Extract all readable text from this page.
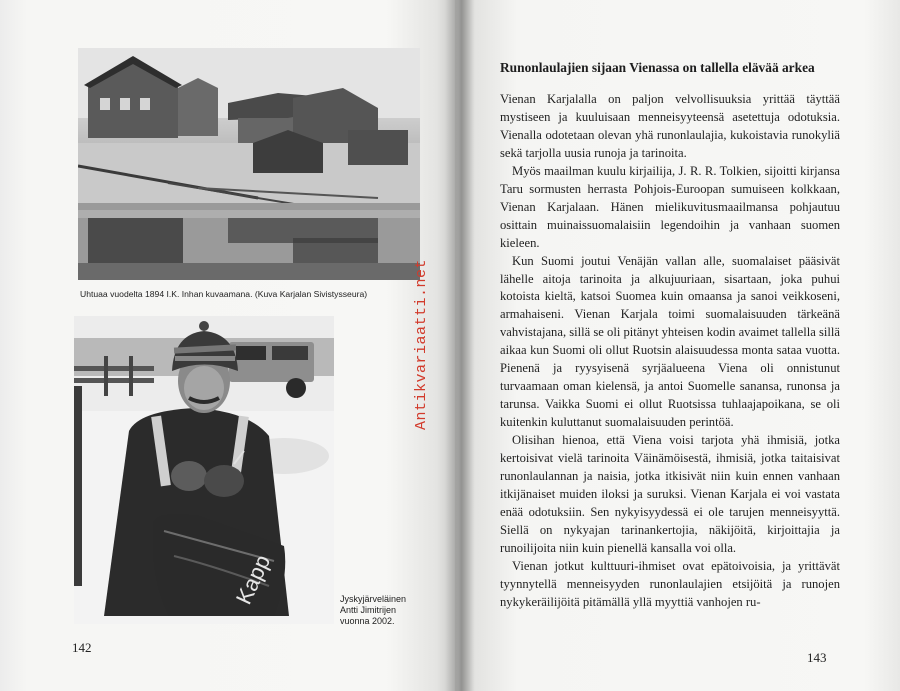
Uhtuaa vuodelta 1894 I.K. Inhan kuvaamana. (Kuva Karjalan Sivistysseura)
Kapp	Jyskyjärveläinen
Antti Jimitrijen
vuonna 2002.
Antikvariaatti.net
142
Runonlaulajien sijaan Vienassa on tallella elävää arkea

Vienan Karjalalla on paljon velvollisuuksia yrittää täyttää mystiseen ja kuuluisaan menneisyyteensä asetettuja odotuksia. Vienalla odotetaan olevan yhä runonlaulajia, kukoistavia runokyliä sekä tarjolla uusia runoja ja tarinoita.

Myös maailman kuulu kirjailija, J. R. R. Tolkien, sijoitti kirjansa Taru sormusten herrasta Pohjois-Euroopan sumuiseen kolkkaan, Vienan Karjalaan. Hänen mielikuvitusmaailmansa pohjautuu osittain muinaissuomalaisiin legendoihin ja vanhaan suomen kieleen.

Kun Suomi joutui Venäjän vallan alle, suomalaiset pääsivät lähelle aitoja tarinoita ja alkujuuriaan, sisartaan, joka puhui kotoista kieltä, katsoi Suomea kuin omaansa ja sanoi veikkoseni, armahaiseni. Vienan Karjala toimi suomalaisuuden tärkeänä vahvistajana, sillä se oli pitänyt yhteisen kodin avaimet tallella sillä aikaa kun Suomi oli ollut Ruotsin alaisuudessa monta sataa vuotta. Pienenä ja ryysyisenä syrjäalueena Viena oli onnistunut turvaamaan oman kielensä, ja antoi Suomelle sanansa, runonsa ja tarunsa. Vaikka Suomi ei ollut Ruotsissa tuhlaajapoikana, se oli kuitenkin kuluttanut suomalaisuuden perintöä.

Olisihan hienoa, että Viena voisi tarjota yhä ihmisiä, jotka kertoisivat vielä tarinoita Väinämöisestä, ihmisiä, jotka taitaisivat runonlaulannan ja naisia, jotka itkisivät niin kuin ennen vanhaan itkijänaiset muiden iloksi ja suruksi. Vienan Karjala ei voi vastata enää odotuksiin. Sen nykyisyydessä ei ole tarujen menneisyyttä. Siellä on nykyajan tarinankertojia, näkijöitä, kirjoittajia ja runoilijoita niin kuin pienellä kansalla voi olla.

Vienan jotkut kulttuuri-ihmiset ovat epätoivoisia, ja yrittävät tyynnytellä menneisyyden runonlaulajien etsijöitä ja runojen nykykeräilijöitä pitämällä yllä myyttiä vanhojen ru-

143
